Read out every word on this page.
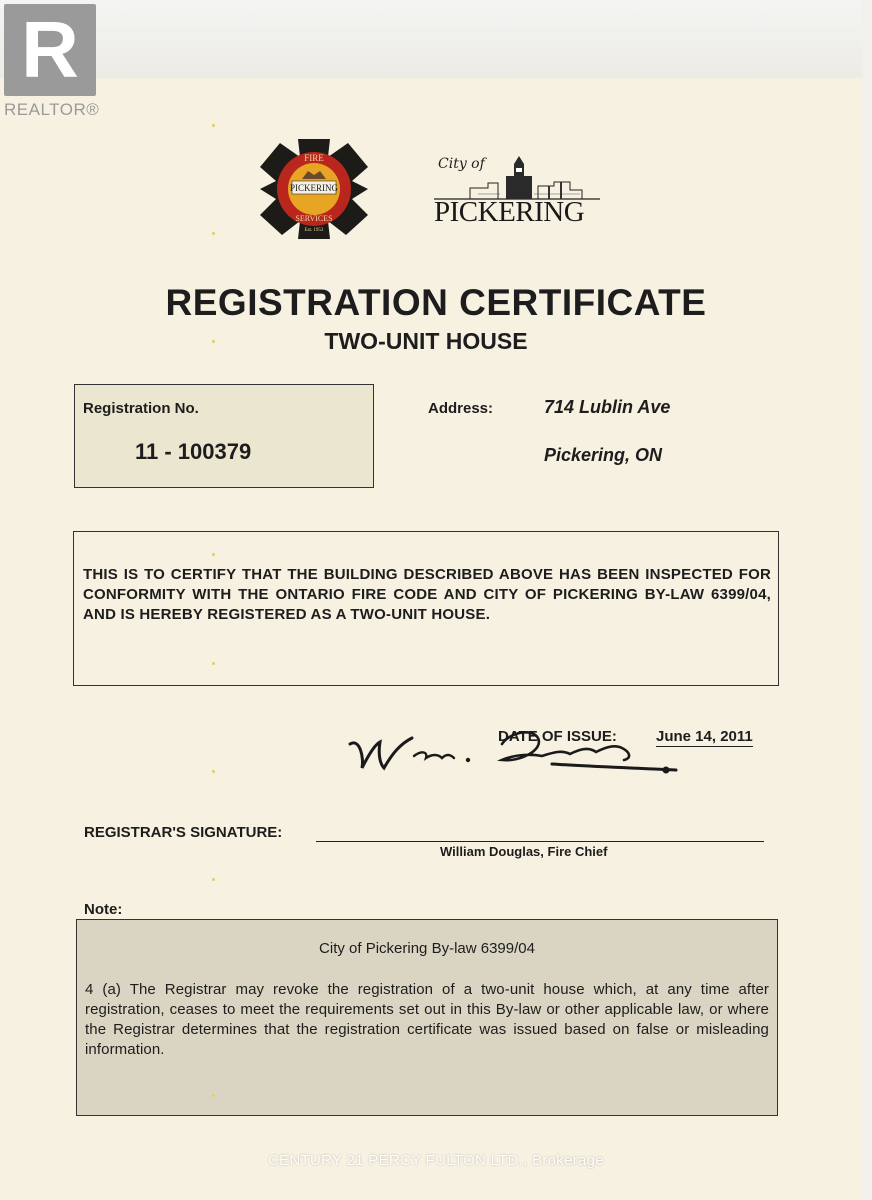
R
REALTOR®
PICKERING
FIRE
SERVICES
Est. 1953
City of
PICKERING
REGISTRATION CERTIFICATE
TWO-UNIT HOUSE
Registration No.
11 - 100379
Address:	714 Lublin Ave
Pickering, ON

THIS IS TO CERTIFY THAT THE BUILDING DESCRIBED ABOVE HAS BEEN INSPECTED FOR CONFORMITY WITH THE ONTARIO FIRE CODE AND CITY OF PICKERING BY-LAW 6399/04, AND IS HEREBY REGISTERED AS A TWO-UNIT HOUSE.

DATE OF ISSUE:	June 14, 2011
REGISTRAR'S SIGNATURE:
William Douglas, Fire Chief
Note:
City of Pickering By-law 6399/04
4 (a) The Registrar may revoke the registration of a two-unit house which, at any time after registration, ceases to meet the requirements set out in this By-law or other applicable law, or where the Registrar determines that the registration certificate was issued based on false or misleading information.
CENTURY 21 PERCY FULTON LTD., Brokerage
